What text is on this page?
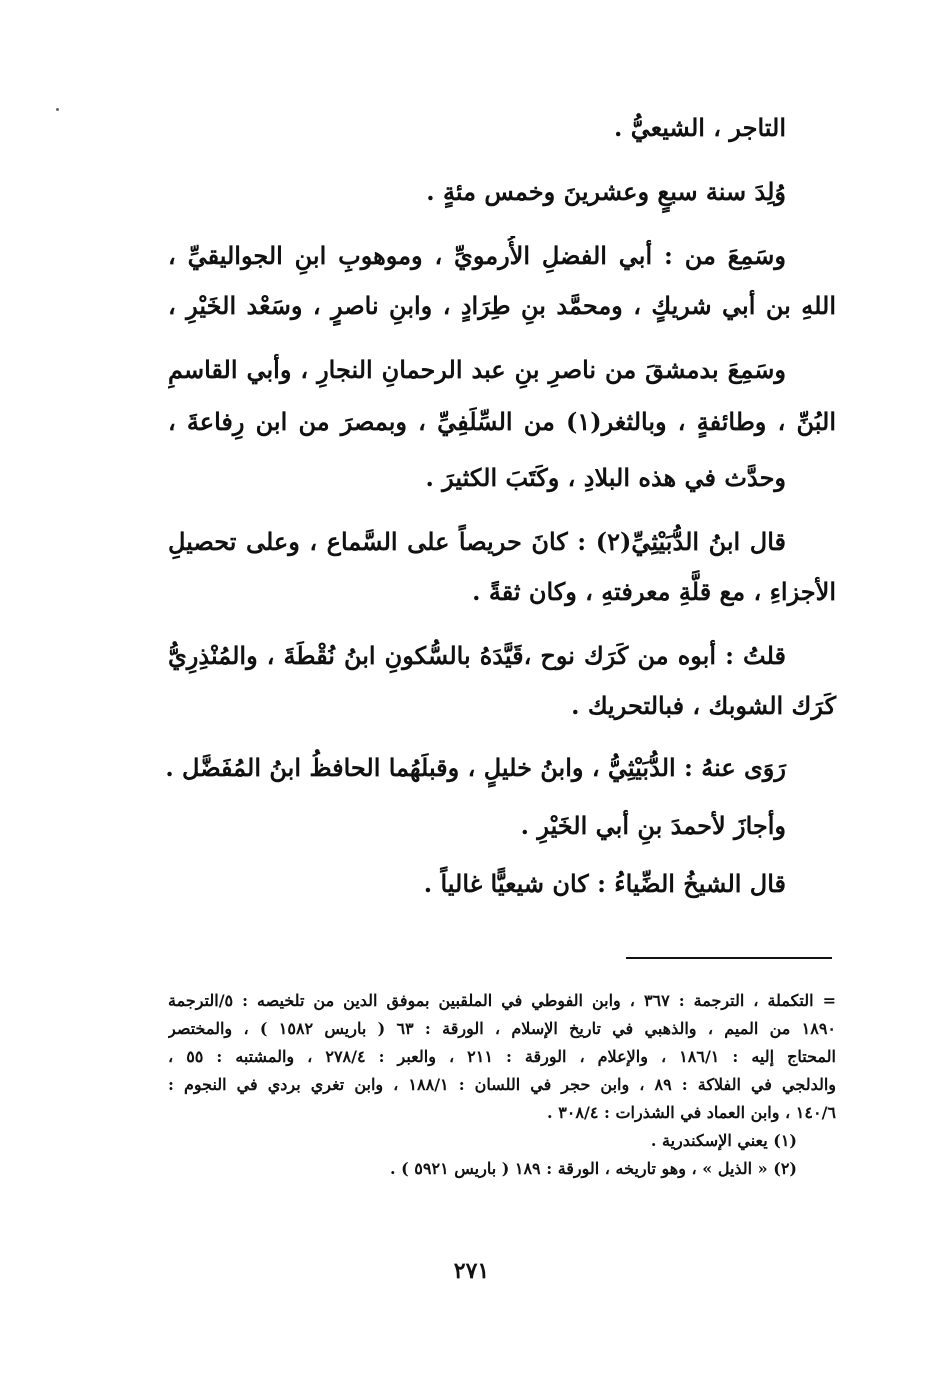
التاجر ، الشيعيُّ .
وُلِدَ سنة سبعٍ وعشرينَ وخمس مئةٍ .
وسَمِعَ من : أبي الفضلِ الأُرمويِّ ، وموهوبِ ابنِ الجواليقيِّ ،
اللهِ بن أبي شريكٍ ، ومحمَّد بنِ طِرَادٍ ، وابنِ ناصرٍ ، وسَعْد الخَيْرِ ،
وسَمِعَ بدمشقَ من ناصرِ بنِ عبد الرحمانِ النجارِ ، وأبي القاسمِ
البُنِّ ، وطائفةٍ ، وبالثغر(١) من السِّلَفِيِّ ، وبمصرَ من ابن رِفاعةَ ،
وحدَّث في هذه البلادِ ، وكَتَبَ الكثيرَ .
قال ابنُ الدُّبَيْثِيِّ(٢) : كانَ حريصاً على السَّماع ، وعلى تحصيلِ
الأجزاءِ ، مع قلَّةِ معرفتهِ ، وكان ثقةً .
قلتُ : أبوه من كَرَك نوح ،قَيَّدَهُ بالسُّكونِ ابنُ نُقْطَةَ ، والمُنْذِرِيُّ
كَرَك الشوبك ، فبالتحريك .
رَوَى عنهُ : الدُّبَيْثِيُّ ، وابنُ خليلٍ ، وقبلَهُما الحافظُ ابنُ المُفَضَّل .
وأجازَ لأحمدَ بنِ أبي الخَيْرِ .
قال الشيخُ الضِّياءُ : كان شيعيًّا غالياً .
= التكملة ، الترجمة : ٣٦٧ ، وابن الفوطي في الملقبين بموفق الدين من تلخيصه : ٥/الترجمة
١٨٩٠ من الميم ، والذهبي في تاريخ الإسلام ، الورقة : ٦٣ ( باريس ١٥٨٢ ) ، والمختصر
المحتاج إليه : ١٨٦/١ ، والإعلام ، الورقة : ٢١١ ، والعبر : ٢٧٨/٤ ، والمشتبه : ٥٥ ،
والدلجي في الفلاكة : ٨٩ ، وابن حجر في اللسان : ١٨٨/١ ، وابن تغري بردي في النجوم :
١٤٠/٦ ، وابن العماد في الشذرات : ٣٠٨/٤ .
(١) يعني الإسكندرية .
(٢) « الذيل » ، وهو تاريخه ، الورقة : ١٨٩ ( باريس ٥٩٢١ ) .
٢٧١
